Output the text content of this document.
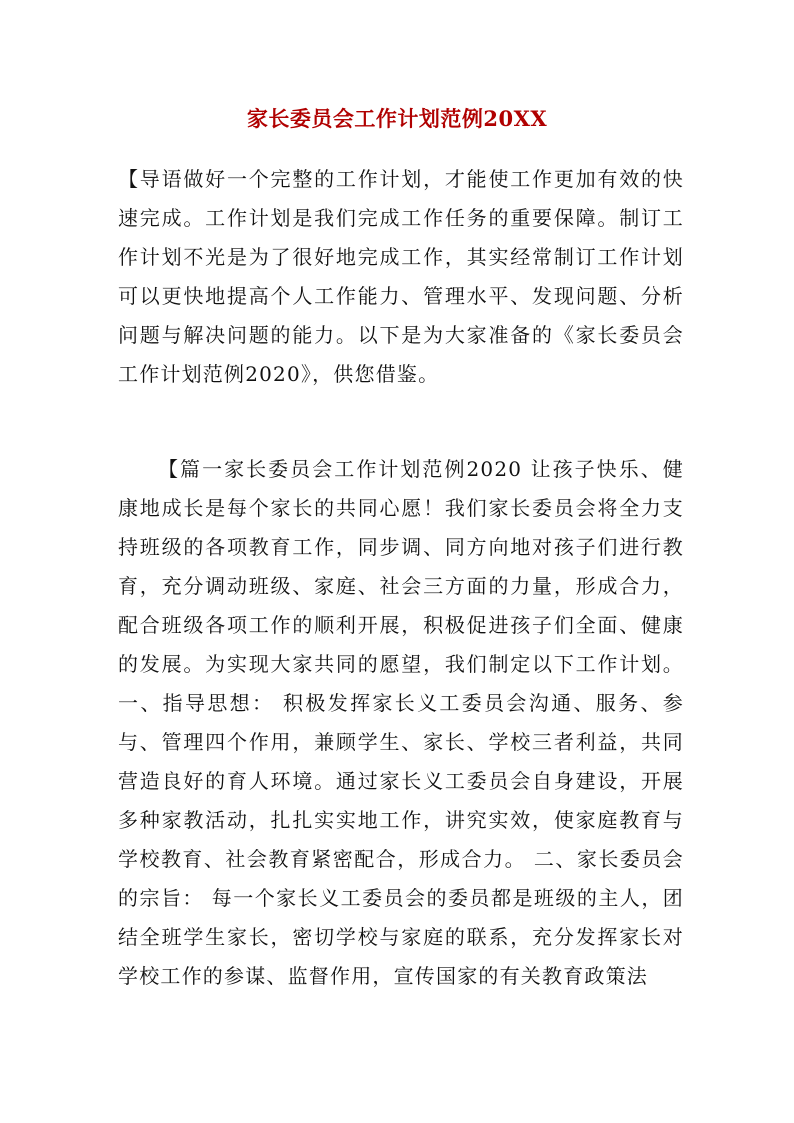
家长委员会工作计划范例20XX

【导语做好一个完整的工作计划，才能使工作更加有效的快速完成。工作计划是我们完成工作任务的重要保障。制订工作计划不光是为了很好地完成工作，其实经常制订工作计划可以更快地提高个人工作能力、管理水平、发现问题、分析问题与解决问题的能力。以下是为大家准备的《家长委员会工作计划范例2020》，供您借鉴。

【篇一家长委员会工作计划范例2020 让孩子快乐、健康地成长是每个家长的共同心愿！我们家长委员会将全力支持班级的各项教育工作，同步调、同方向地对孩子们进行教育，充分调动班级、家庭、社会三方面的力量，形成合力，配合班级各项工作的顺利开展，积极促进孩子们全面、健康的发展。为实现大家共同的愿望，我们制定以下工作计划。一、指导思想： 积极发挥家长义工委员会沟通、服务、参与、管理四个作用，兼顾学生、家长、学校三者利益，共同营造良好的育人环境。通过家长义工委员会自身建设，开展多种家教活动，扎扎实实地工作，讲究实效，使家庭教育与学校教育、社会教育紧密配合，形成合力。 二、家长委员会的宗旨： 每一个家长义工委员会的委员都是班级的主人，团结全班学生家长，密切学校与家庭的联系，充分发挥家长对学校工作的参谋、监督作用，宣传国家的有关教育政策法
